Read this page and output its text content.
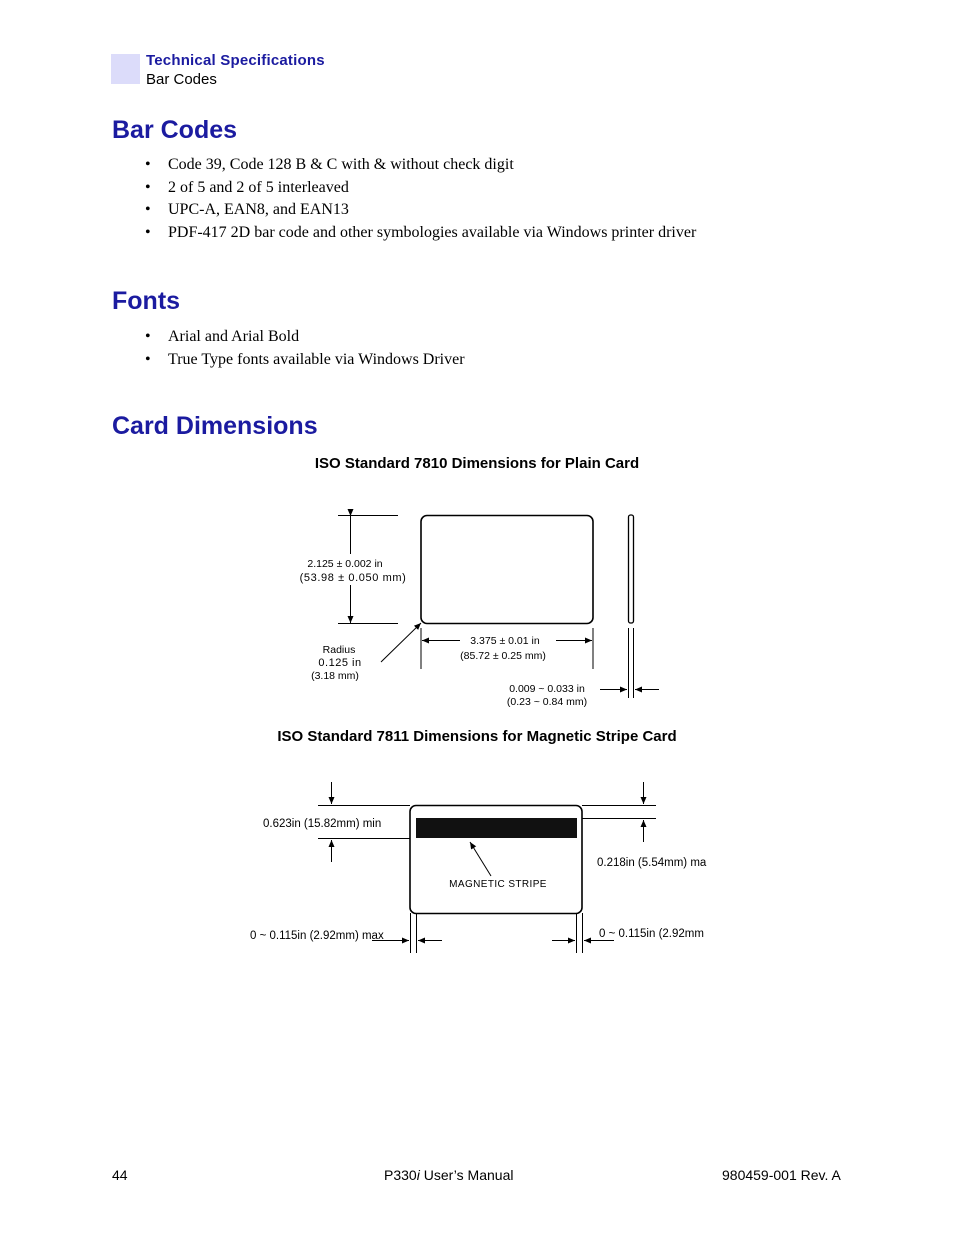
Technical Specifications
Bar Codes
Bar Codes
• Code 39, Code 128 B & C with & without check digit
• 2 of 5 and 2 of 5 interleaved
• UPC-A, EAN8, and EAN13
• PDF-417 2D bar code and other symbologies available via Windows printer driver
Fonts
• Arial and Arial Bold
• True Type fonts available via Windows Driver
Card Dimensions
ISO Standard 7810 Dimensions for Plain Card
2.125 ± 0.002 in
(53.98 ± 0.050 mm)
3.375 ± 0.01 in
(85.72 ± 0.25 mm)
Radius
0.125 in
(3.18 mm)
0.009 ~ 0.033 in
(0.23 ~ 0.84 mm)
ISO Standard 7811 Dimensions for Magnetic Stripe Card
MAGNETIC STRIPE
0.623in (15.82mm) min
0.218in (5.54mm) ma
0 ~ 0.115in (2.92mm) max	0 ~ 0.115in (2.92mm
44	P330i User’s Manual	980459-001 Rev. A
